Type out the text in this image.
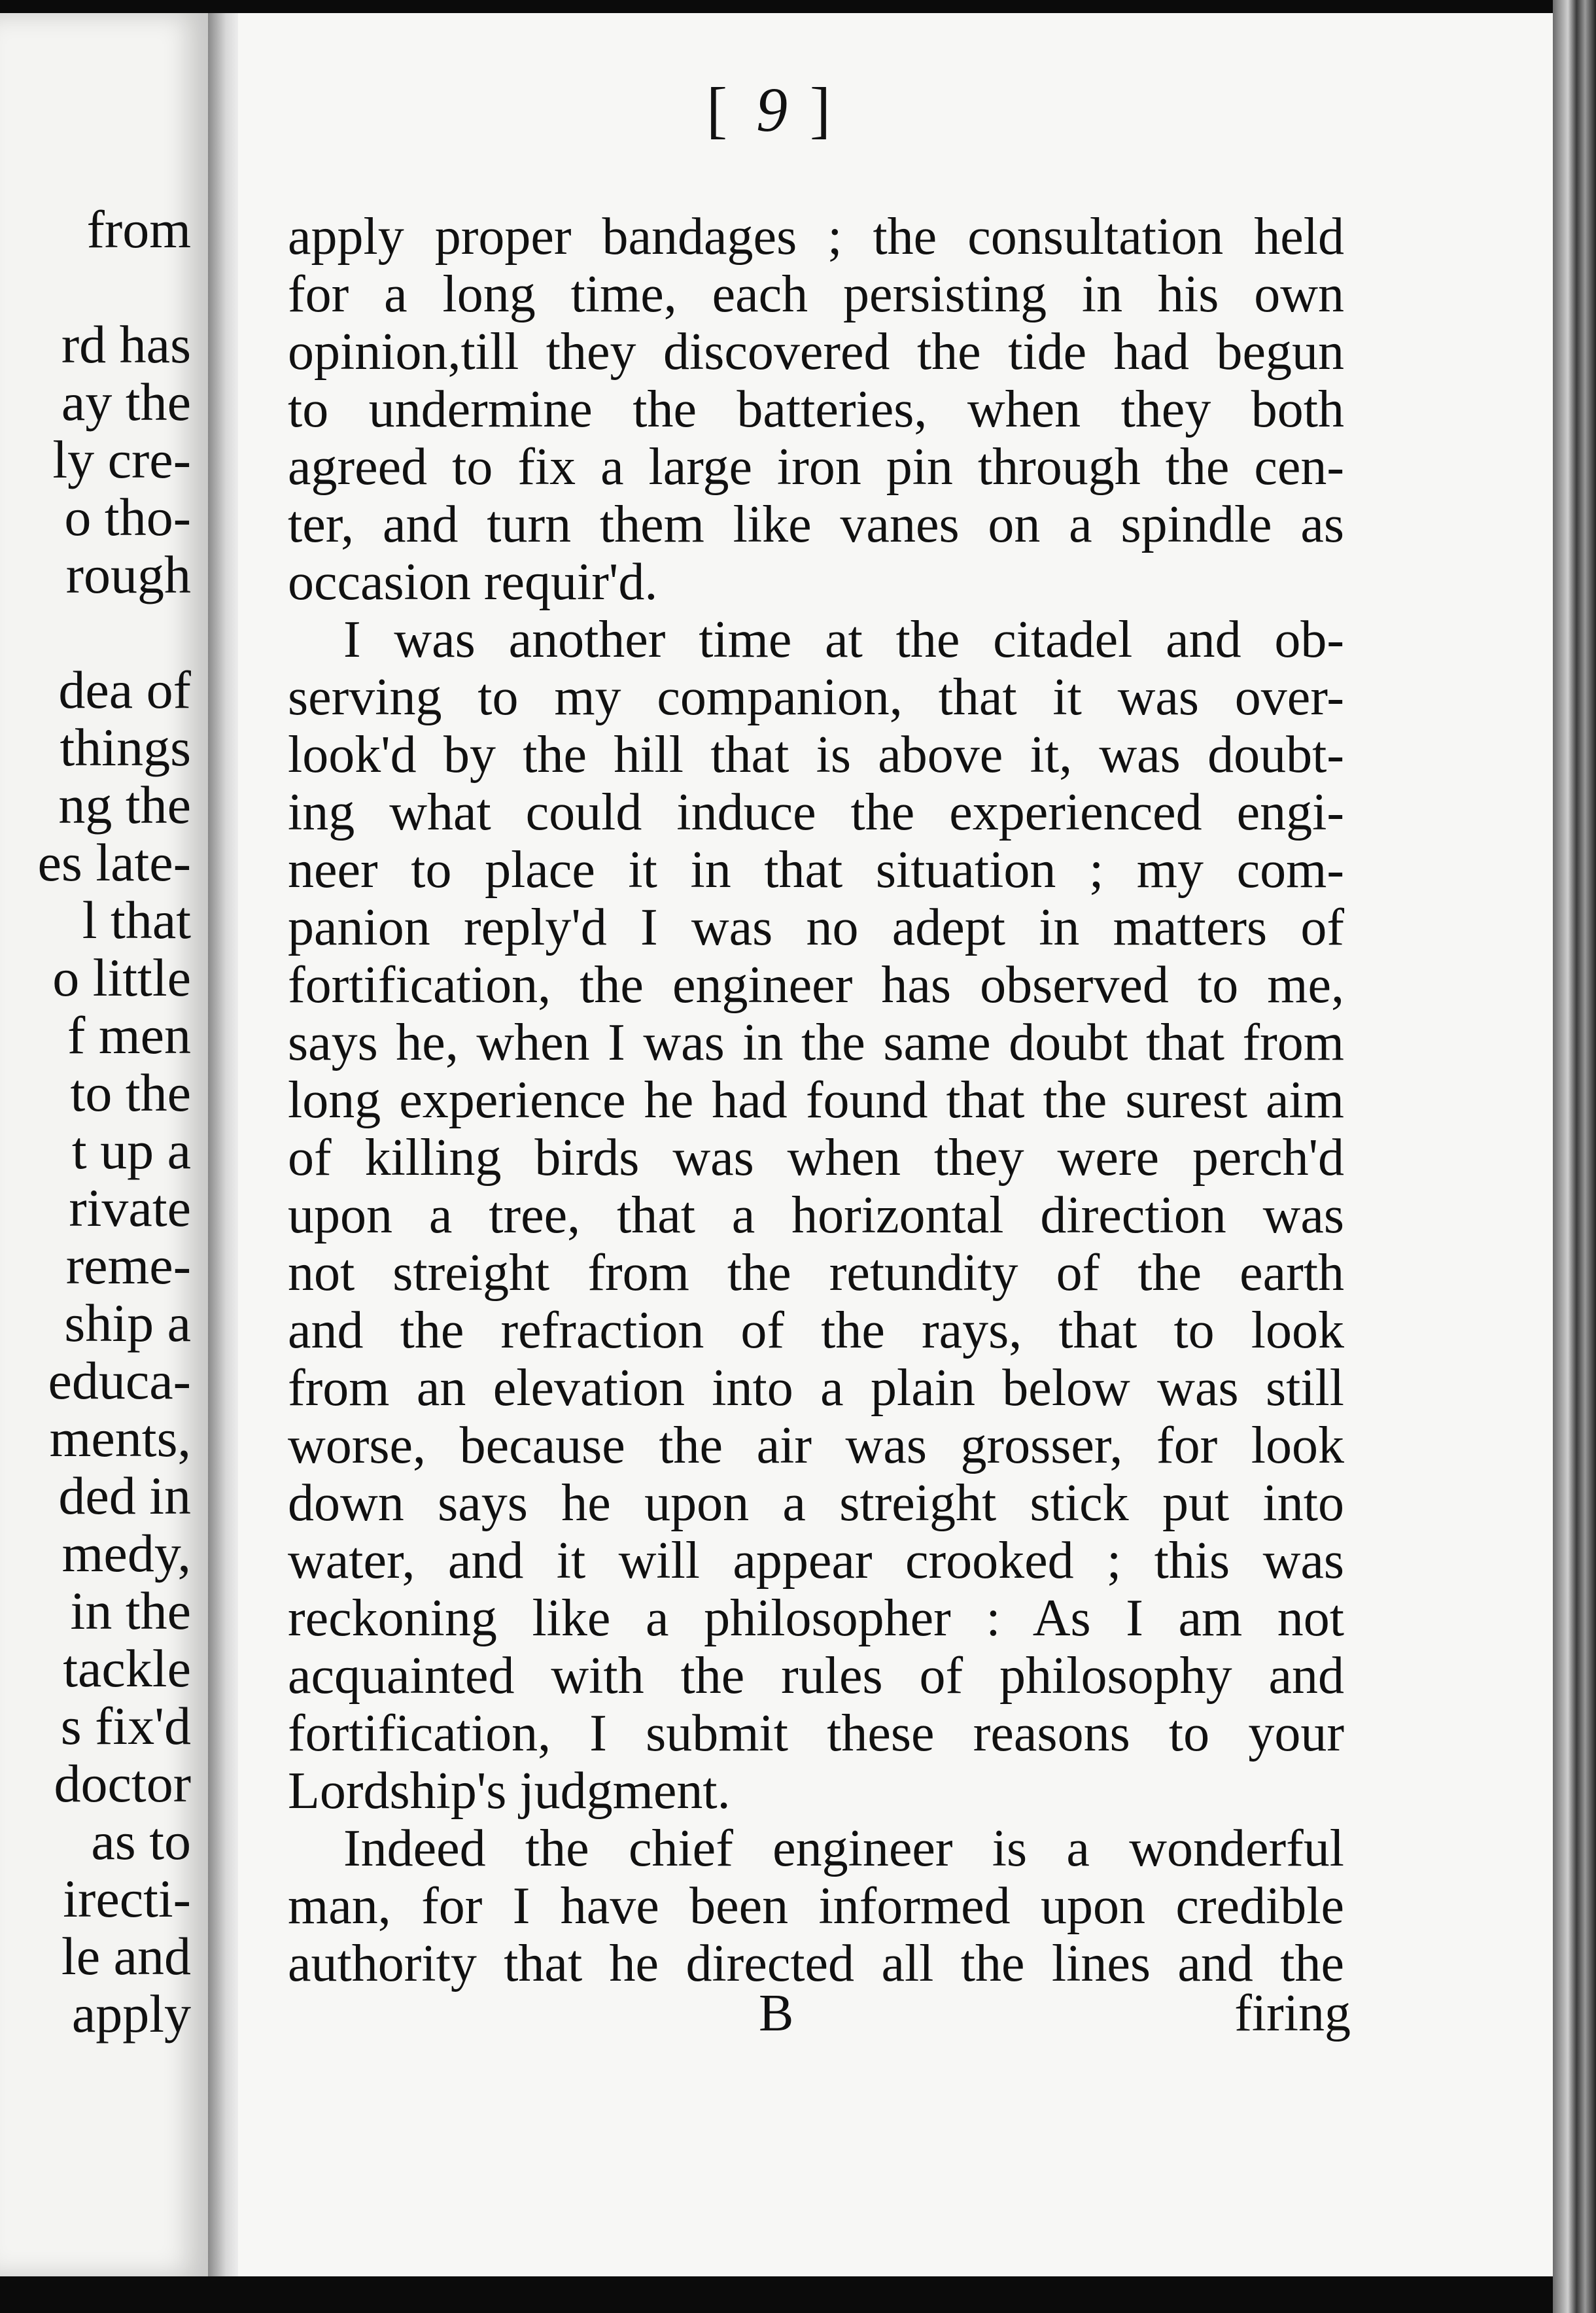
from
rd has
ay the
ly cre-
o tho-
rough
dea of
things
ng the
es late-
l that
o little
f men
to the
t up a
rivate
reme-
ship a
educa-
ments,
ded in
medy,
in the
tackle
s fix'd
doctor
as to
irecti-
le and
apply
[ 9 ]
apply proper bandages ; the consultation held
for a long time, each persisting in his own
opinion,till they discovered the tide had begun
to undermine the batteries, when they both
agreed to fix a large iron pin through the cen-
ter, and turn them like vanes on a spindle as
occasion requir'd.
I was another time at the citadel and ob-
serving to my companion, that it was over-
look'd by the hill that is above it, was doubt-
ing what could induce the experienced engi-
neer to place it in that situation ; my com-
panion reply'd I was no adept in matters of
fortification, the engineer has observed to me,
says he, when I was in the same doubt that from
long experience he had found that the surest aim
of killing birds was when they were perch'd
upon a tree, that a horizontal direction was
not streight from the retundity of the earth
and the refraction of the rays, that to look
from an elevation into a plain below was still
worse, because the air was grosser, for look
down says he upon a streight stick put into
water, and it will appear crooked ; this was
reckoning like a philosopher : As I am not
acquainted with the rules of philosophy and
fortification, I submit these reasons to your
Lordship's judgment.
Indeed the chief engineer is a wonderful
man, for I have been informed upon credible
authority that he directed all the lines and the
B	firing
